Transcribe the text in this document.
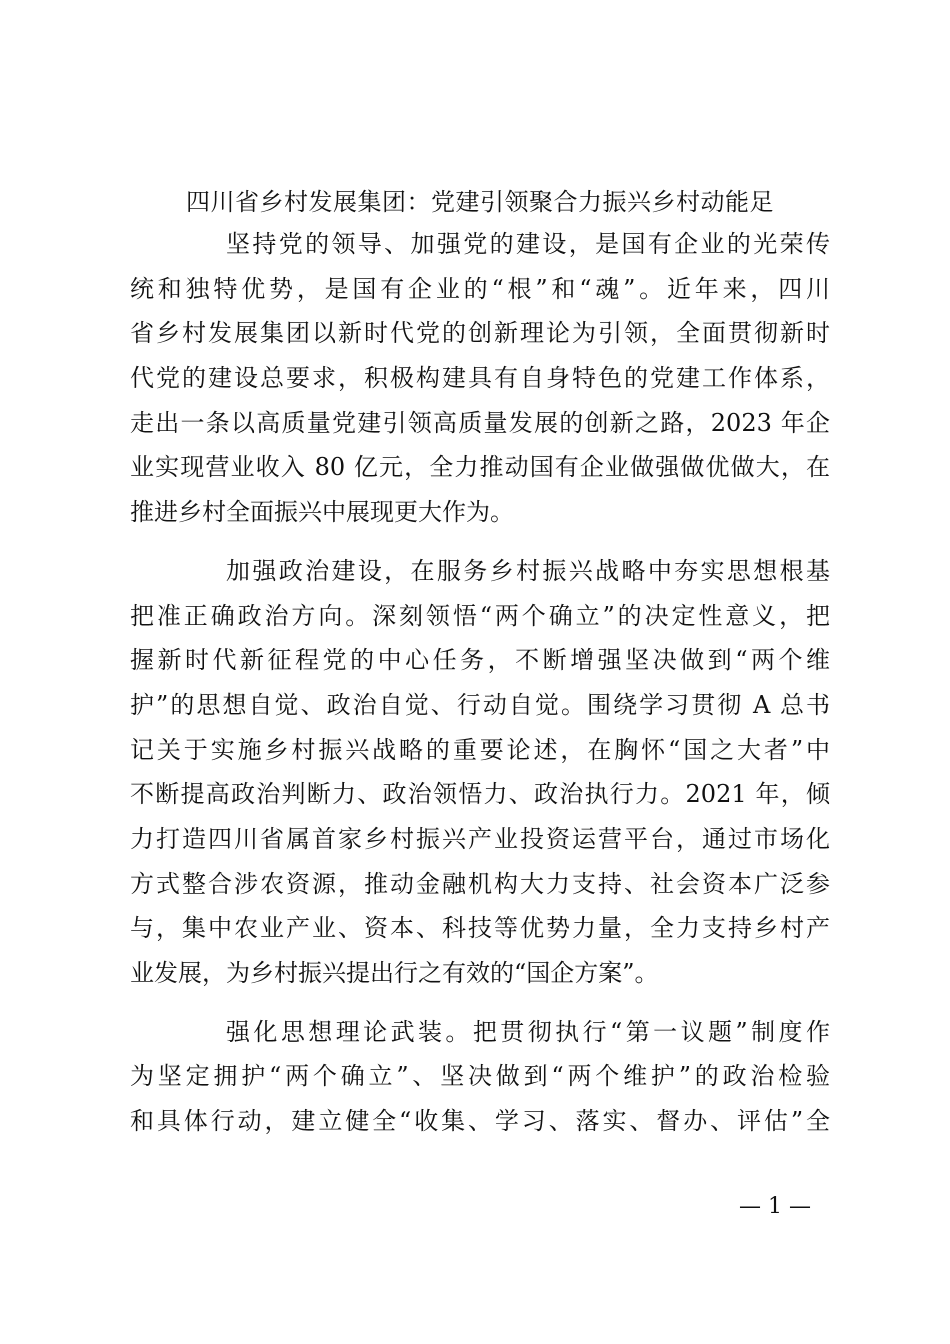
四川省乡村发展集团：党建引领聚合力振兴乡村动能足
坚持党的领导、加强党的建设，是国有企业的光荣传
统和独特优势，是国有企业的“根”和“魂”。近年来，四川
省乡村发展集团以新时代党的创新理论为引领，全面贯彻新时
代党的建设总要求，积极构建具有自身特色的党建工作体系，
走出一条以高质量党建引领高质量发展的创新之路，2023 年企
业实现营业收入 80 亿元，全力推动国有企业做强做优做大，在
推进乡村全面振兴中展现更大作为。
加强政治建设，在服务乡村振兴战略中夯实思想根基
把准正确政治方向。深刻领悟“两个确立”的决定性意义，把
握新时代新征程党的中心任务，不断增强坚决做到“两个维
护”的思想自觉、政治自觉、行动自觉。围绕学习贯彻 A 总书
记关于实施乡村振兴战略的重要论述，在胸怀“国之大者”中
不断提高政治判断力、政治领悟力、政治执行力。2021 年，倾
力打造四川省属首家乡村振兴产业投资运营平台，通过市场化
方式整合涉农资源，推动金融机构大力支持、社会资本广泛参
与，集中农业产业、资本、科技等优势力量，全力支持乡村产
业发展，为乡村振兴提出行之有效的“国企方案”。
强化思想理论武装。把贯彻执行“第一议题”制度作
为坚定拥护“两个确立”、坚决做到“两个维护”的政治检验
和具体行动，建立健全“收集、学习、落实、督办、评估”全
— 1 —
